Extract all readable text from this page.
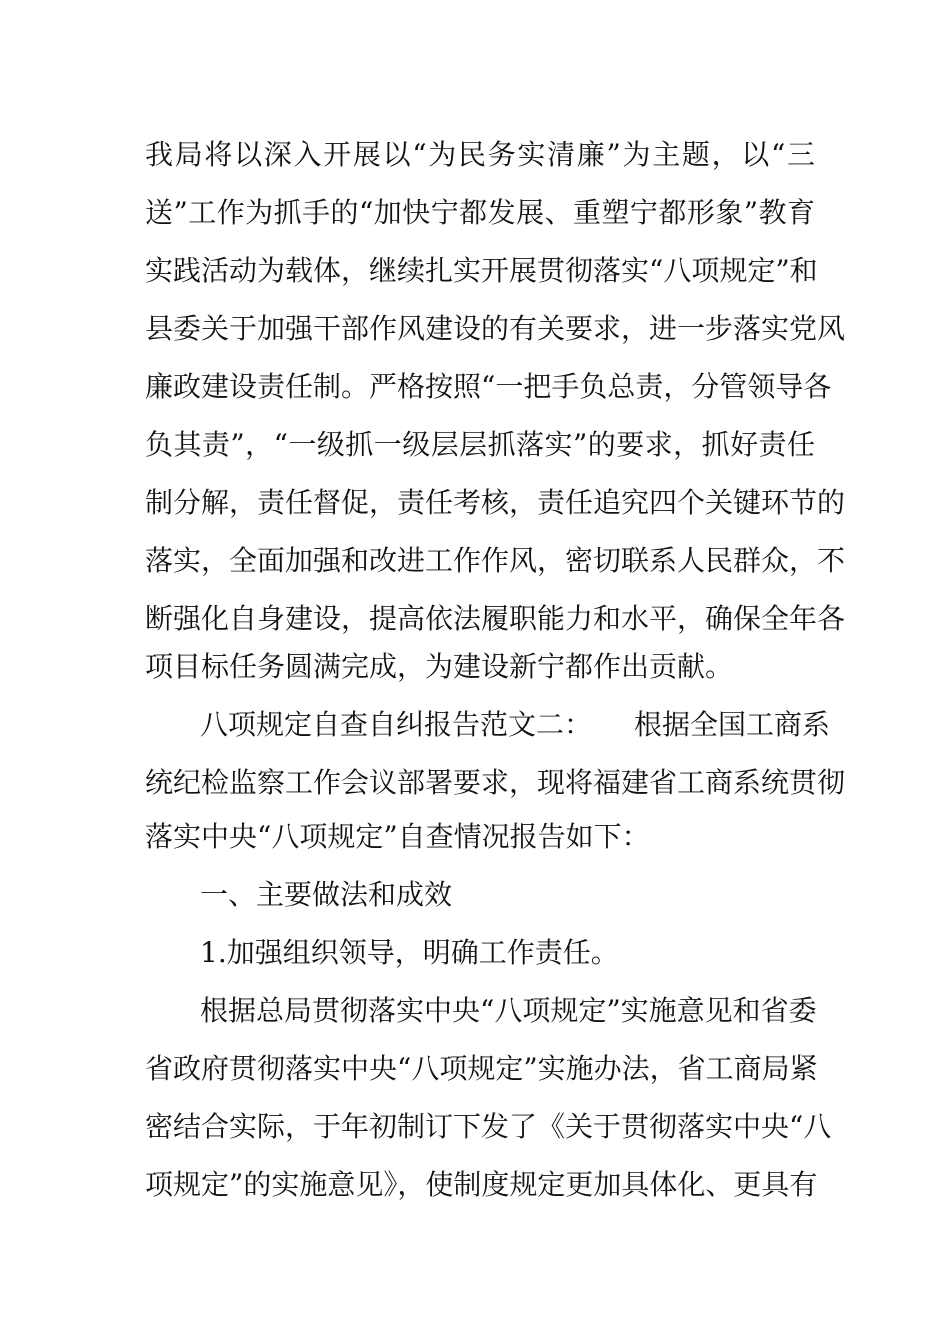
我局将以深入开展以“为民务实清廉”为主题，以“三
送”工作为抓手的“加快宁都发展、重塑宁都形象”教育
实践活动为载体，继续扎实开展贯彻落实“八项规定”和
县委关于加强干部作风建设的有关要求，进一步落实党风
廉政建设责任制。严格按照“一把手负总责，分管领导各
负其责”，“一级抓一级层层抓落实”的要求，抓好责任
制分解，责任督促，责任考核，责任追究四个关键环节的
落实，全面加强和改进工作作风，密切联系人民群众，不
断强化自身建设，提高依法履职能力和水平，确保全年各
项目标任务圆满完成，为建设新宁都作出贡献。
八项规定自查自纠报告范文二：　　根据全国工商系
统纪检监察工作会议部署要求，现将福建省工商系统贯彻
落实中央“八项规定”自查情况报告如下：
一、主要做法和成效
1.加强组织领导，明确工作责任。
根据总局贯彻落实中央“八项规定”实施意见和省委
省政府贯彻落实中央“八项规定”实施办法，省工商局紧
密结合实际，于年初制订下发了《关于贯彻落实中央“八
项规定”的实施意见》，使制度规定更加具体化、更具有
